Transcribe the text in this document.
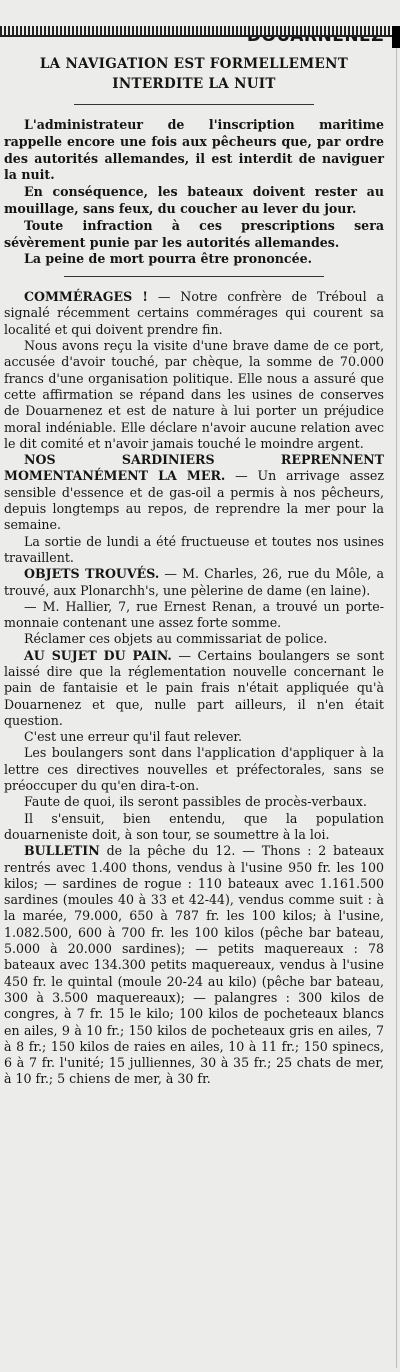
LA NAVIGATION EST FORMELLEMENT
INTERDITE LA NUIT

L'administrateur de l'inscription maritime rappelle encore une fois aux pêcheurs que, par ordre des autorités allemandes, il est interdit de naviguer la nuit.

En conséquence, les bateaux doivent rester au mouillage, sans feux, du coucher au lever du jour.

Toute infraction à ces prescriptions sera sévèrement punie par les autorités allemandes.

La peine de mort pourra être prononcée.

COMMÉRAGES ! — Notre confrère de Tréboul a signalé récemment certains commérages qui courent sa localité et qui doivent prendre fin.

Nous avons reçu la visite d'une brave dame de ce port, accusée d'avoir touché, par chèque, la somme de 70.000 francs d'une organisation politique. Elle nous a assuré que cette affirmation se répand dans les usines de conserves de Douarnenez et est de nature à lui porter un préjudice moral indéniable. Elle déclare n'avoir aucune relation avec le dit comité et n'avoir jamais touché le moindre argent.

NOS SARDINIERS REPRENNENT MOMENTANÉMENT LA MER. — Un arrivage assez sensible d'essence et de gas-oil a permis à nos pêcheurs, depuis longtemps au repos, de reprendre la mer pour la semaine.

La sortie de lundi a été fructueuse et toutes nos usines travaillent.

OBJETS TROUVÉS. — M. Charles, 26, rue du Môle, a trouvé, aux Plonarchh's, une pèlerine de dame (en laine).

— M. Hallier, 7, rue Ernest Renan, a trouvé un porte-monnaie contenant une assez forte somme.

Réclamer ces objets au commissariat de police.

AU SUJET DU PAIN. — Certains boulangers se sont laissé dire que la réglementation nouvelle concernant le pain de fantaisie et le pain frais n'était appliquée qu'à Douarnenez et que, nulle part ailleurs, il n'en était question.

C'est une erreur qu'il faut relever.

Les boulangers sont dans l'application d'appliquer à la lettre ces directives nouvelles et préfectorales, sans se préoccuper du qu'en dira-t-on.

Faute de quoi, ils seront passibles de procès-verbaux.

Il s'ensuit, bien entendu, que la population douarneniste doit, à son tour, se soumettre à la loi.

BULLETIN de la pêche du 12. — Thons : 2 bateaux rentrés avec 1.400 thons, vendus à l'usine 950 fr. les 100 kilos; — sardines de rogue : 110 bateaux avec 1.161.500 sardines (moules 40 à 33 et 42-44), vendus comme suit : à la marée, 79.000, 650 à 787 fr. les 100 kilos; à l'usine, 1.082.500, 600 à 700 fr. les 100 kilos (pêche bar bateau, 5.000 à 20.000 sardines); — petits maquereaux : 78 bateaux avec 134.300 petits maquereaux, vendus à l'usine 450 fr. le quintal (moule 20-24 au kilo) (pêche bar bateau, 300 à 3.500 maquereaux); — palangres : 300 kilos de congres, à 7 fr. 15 le kilo; 100 kilos de pocheteaux blancs en ailes, 9 à 10 fr.; 150 kilos de pocheteaux gris en ailes, 7 à 8 fr.; 150 kilos de raies en ailes, 10 à 11 fr.; 150 spinecs, 6 à 7 fr. l'unité; 15 julliennes, 30 à 35 fr.; 25 chats de mer, à 10 fr.; 5 chiens de mer, à 30 fr.
